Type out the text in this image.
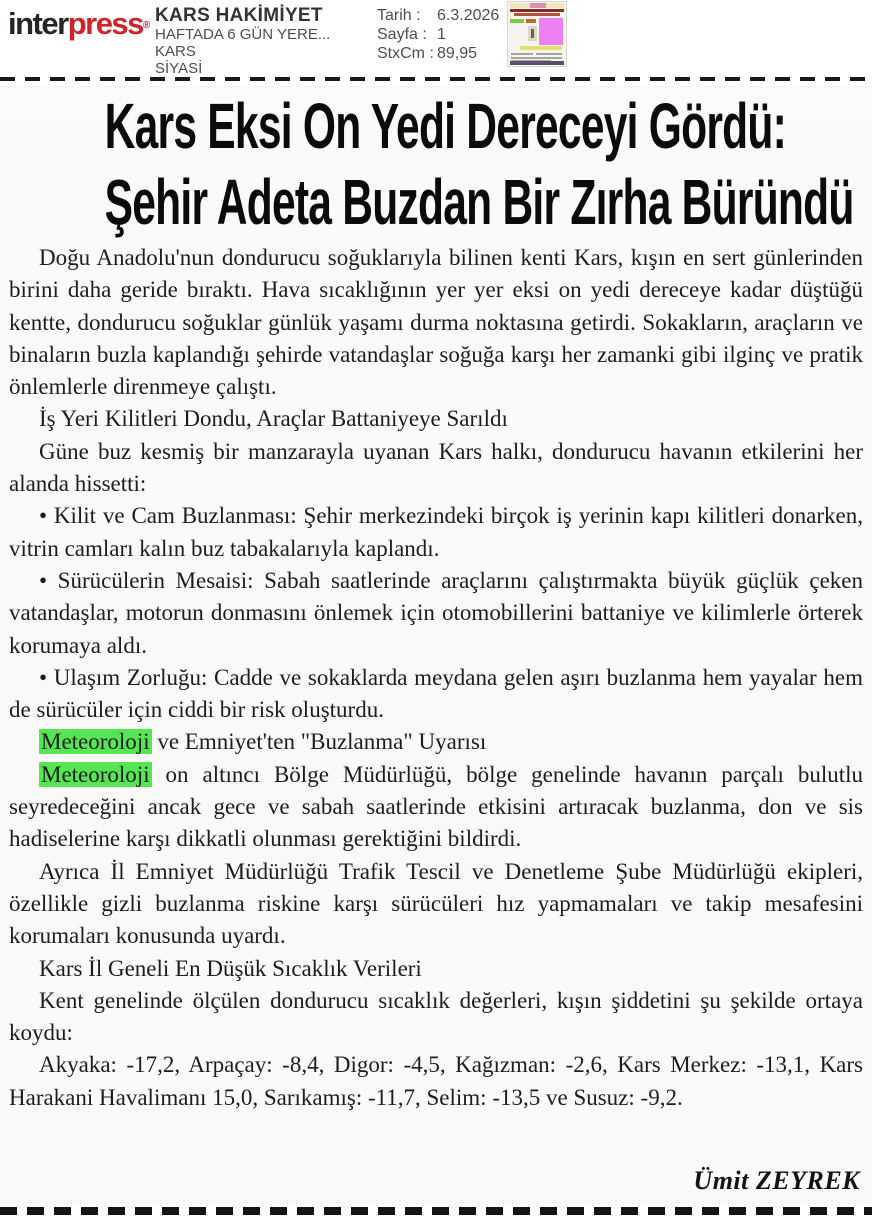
interpress® KARS HAKİMİYET
HAFTADA 6 GÜN YERE...
KARS
SİYASİ
Tarih :	6.3.2026
Sayfa : 1
StxCm : 89,95
Kars Eksi On Yedi Dereceyi Gördü:
Şehir Adeta Buzdan Bir Zırha Büründü

Doğu Anadolu'nun dondurucu soğuklarıyla bilinen kenti Kars, kışın en sert günlerinden birini daha geride bıraktı. Hava sıcaklığının yer yer eksi on yedi dereceye kadar düştüğü kentte, dondurucu soğuklar günlük yaşamı durma noktasına getirdi. Sokakların, araçların ve binaların buzla kaplandığı şehirde vatandaşlar soğuğa karşı her zamanki gibi ilginç ve pratik önlemlerle direnmeye çalıştı.

İş Yeri Kilitleri Dondu, Araçlar Battaniyeye Sarıldı

Güne buz kesmiş bir manzarayla uyanan Kars halkı, dondurucu havanın etkilerini her alanda hissetti:

• Kilit ve Cam Buzlanması: Şehir merkezindeki birçok iş yerinin kapı kilitleri donarken, vitrin camları kalın buz tabakalarıyla kaplandı.

• Sürücülerin Mesaisi: Sabah saatlerinde araçlarını çalıştırmakta büyük güçlük çeken vatandaşlar, motorun donmasını önlemek için otomobillerini battaniye ve kilimlerle örterek korumaya aldı.

• Ulaşım Zorluğu: Cadde ve sokaklarda meydana gelen aşırı buzlanma hem yayalar hem de sürücüler için ciddi bir risk oluşturdu.

Meteoroloji ve Emniyet'ten "Buzlanma" Uyarısı

Meteoroloji on altıncı Bölge Müdürlüğü, bölge genelinde havanın parçalı bulutlu seyredeceğini ancak gece ve sabah saatlerinde etkisini artıracak buzlanma, don ve sis hadiselerine karşı dikkatli olunması gerektiğini bildirdi.

Ayrıca İl Emniyet Müdürlüğü Trafik Tescil ve Denetleme Şube Müdürlüğü ekipleri, özellikle gizli buzlanma riskine karşı sürücüleri hız yapmamaları ve takip mesafesini korumaları konusunda uyardı.

Kars İl Geneli En Düşük Sıcaklık Verileri

Kent genelinde ölçülen dondurucu sıcaklık değerleri, kışın şiddetini şu şekilde ortaya koydu:

Akyaka: -17,2, Arpaçay: -8,4, Digor: -4,5, Kağızman: -2,6, Kars Merkez: -13,1, Kars Harakani Havalimanı 15,0, Sarıkamış: -11,7, Selim: -13,5 ve Susuz: -9,2.

Ümit ZEYREK
